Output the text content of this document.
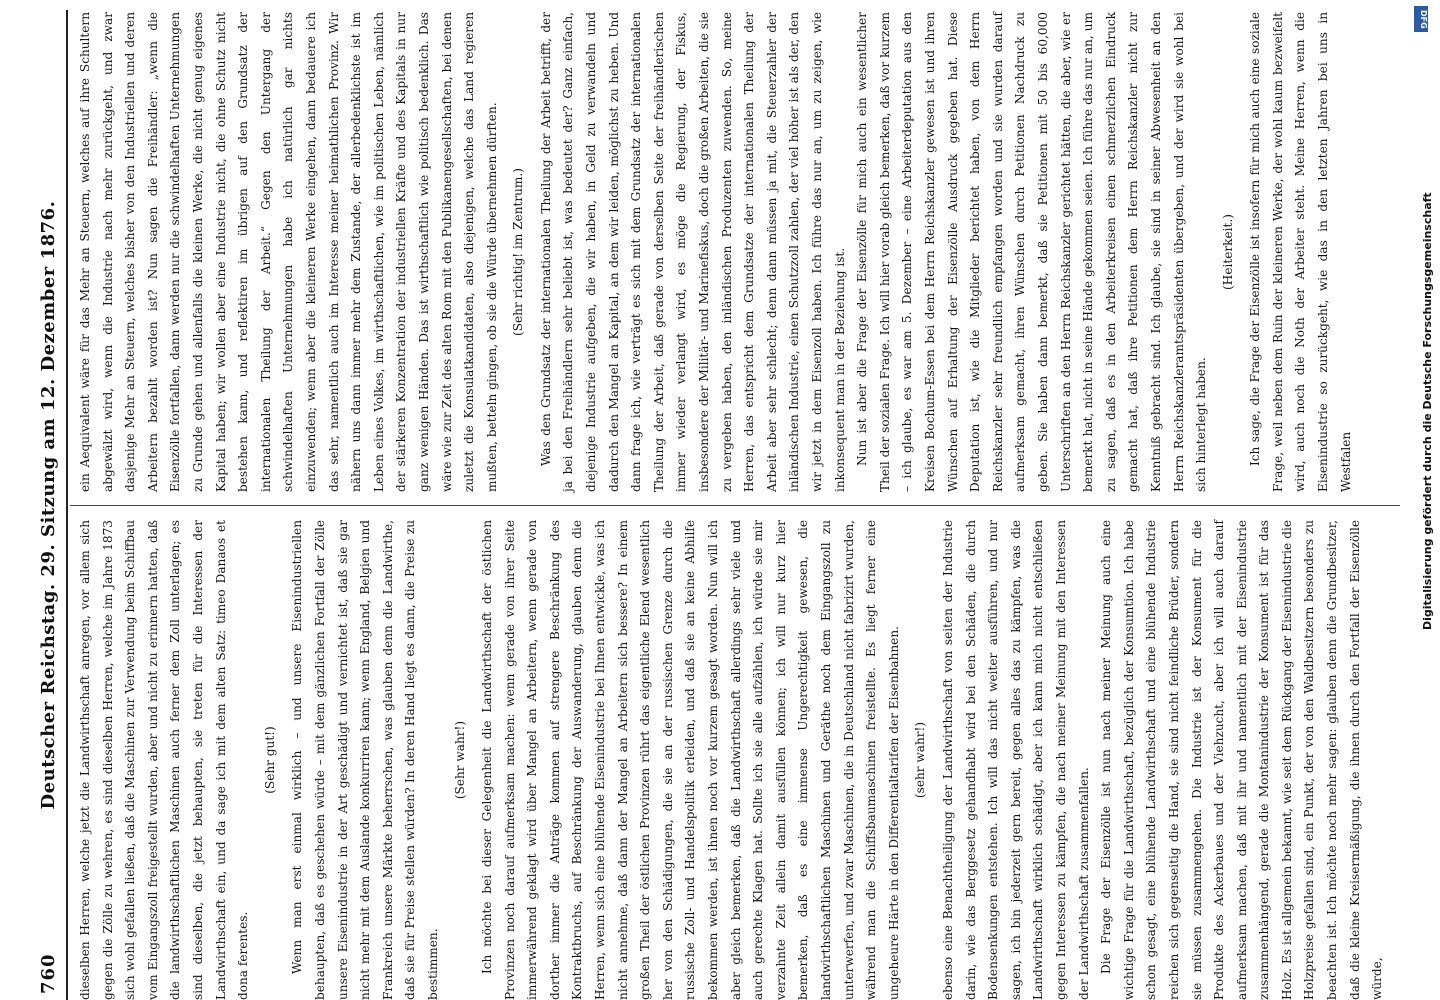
760
Deutscher Reichstag. 29. Sitzung am 12. Dezember 1876.	dieselben Herren, welche jetzt die Landwirthschaft anregen, vor allem sich gegen die Zölle zu wehren, es sind dieselben Herren, welche im Jahre 1873 sich wohl gefallen ließen, daß die Maschinen zur Verwendung beim Schiffbau vom Eingangszoll freigestellt wurden, aber und nicht zu erinnern hatten, daß die landwirthschaftlichen Maschinen auch ferner dem Zoll unterlagen; es sind dieselben, die jetzt behaupten, sie treten für die Interessen der Landwirthschaft ein, und da sage ich mit dem alten Satz: timeo Danaos et dona ferentes.

(Sehr gut!)	Wenn man erst einmal wirklich – und unsere Eisenindustriellen behaupten, daß es geschehen würde – mit dem gänzlichen Fortfall der Zölle unsere Eisenindustrie in der Art geschädigt und vernichtet ist, daß sie gar nicht mehr mit dem Auslande konkurriren kann; wenn England, Belgien und Frankreich unsere Märkte beherrschen, was glauben denn die Landwirthe, daß sie für Preise stellen würden? In deren Hand liegt es dann, die Preise zu bestimmen.

(Sehr wahr!)	Ich möchte bei dieser Gelegenheit die Landwirthschaft der östlichen Provinzen noch darauf aufmerksam machen: wenn gerade von ihrer Seite immerwährend geklagt wird über Mangel an Arbeitern, wenn gerade von dorther immer die Anträge kommen auf strengere Beschränkung des Kontraktbruchs, auf Beschränkung der Auswanderung, glauben denn die Herren, wenn sich eine blühende Eisenindustrie bei Ihnen entwickle, was ich nicht annehme, daß dann der Mangel an Arbeitern sich bessere? In einem großen Theil der östlichen Provinzen rührt das eigentliche Elend wesentlich her von den Schädigungen, die sie an der russischen Grenze durch die russische Zoll- und Handelspolitik erleiden, und daß sie an keine Abhilfe bekommen werden, ist ihnen noch vor kurzem gesagt worden. Nun will ich aber gleich bemerken, daß die Landwirthschaft allerdings sehr viele und auch gerechte Klagen hat. Sollte ich sie alle aufzählen, ich würde sie mir verzahnte Zeit allein damit ausfüllen können; ich will nur kurz hier bemerken, daß es eine immense Ungerechtigkeit gewesen, die landwirthschaftlichen Maschinen und Geräthe noch dem Eingangszoll zu unterwerfen, und zwar Maschinen, die in Deutschland nicht fabrizirt wurden, während man die Schiffsbaumaschinen freistellte. Es liegt ferner eine ungeheure Härte in den Differentialtarifen der Eisenbahnen.	(sehr wahr!)	ebenso eine Benachtheiligung der Landwirthschaft von seiten der Industrie darin, wie das Berggesetz gehandhabt wird bei den Schäden, die durch Bodensenkungen entstehen. Ich will das nicht weiter ausführen, und nur sagen, ich bin jederzeit gern bereit, gegen alles das zu kämpfen, was die Landwirthschaft wirklich schädigt, aber ich kann mich nicht entschließen gegen Interessen zu kämpfen, die nach meiner Meinung mit den Interessen der Landwirthschaft zusammenfallen. Die Frage der Eisenzölle ist nun nach meiner Meinung auch eine wichtige Frage für die Landwirthschaft, bezüglich der Konsumtion. Ich habe schon gesagt, eine blühende Landwirthschaft und eine blühende Industrie reichen sich gegenseitig die Hand, sie sind nicht feindliche Brüder, sondern sie müssen zusammengehen. Die Industrie ist der Konsument für die Produkte des Ackerbaues und der Viehzucht, aber ich will auch darauf aufmerksam machen, daß mit ihr und namentlich mit der Eisenindustrie zusammenhängend, gerade die Montanindustrie der Konsument ist für das Holz. Es ist allgemein bekannt, wie seit dem Rückgang der Eisenindustrie die Holzpreise gefallen sind, ein Punkt, der von den Waldbesitzern besonders zu beachten ist. Ich möchte noch mehr sagen: glauben denn die Grundbesitzer, daß die kleine Kreisermäßigung, die ihnen durch den Fortfall der Eisenzölle würde,

ein Aequivalent wäre für das Mehr an Steuern, welches auf ihre Schultern abgewälzt wird, wenn die Industrie nach mehr zurückgeht, und zwar dasjenige Mehr an Steuern, welches bisher von den Industriellen und deren Arbeitern bezahlt worden ist? Nun sagen die Freihändler: „wenn die Eisenzölle fortfallen, dann werden nur die schwindelhaften Unternehmungen zu Grunde gehen und allenfalls die kleinen Werke, die nicht genug eigenes Kapital haben; wir wollen aber eine Industrie nicht, die ohne Schutz nicht bestehen kann, und reflektiren im übrigen auf den Grundsatz der internationalen Theilung der Arbeit.“ Gegen den Untergang der schwindelhaften Unternehmungen habe ich natürlich gar nichts einzuwenden; wenn aber die kleineren Werke eingehen, dann bedauere ich das sehr, namentlich auch im Interesse meiner heimathlichen Provinz. Wir nähern uns dann immer mehr dem Zustande, der allerbedenklichste ist im Leben eines Volkes, im wirthschaftlichen, wie im politischen Leben, nämlich der stärkeren Konzentration der industriellen Kräfte und des Kapitals in nur ganz wenigen Händen. Das ist wirthschaftlich wie politisch bedenklich. Das wäre wie zur Zeit des alten Rom mit den Publikanengesellschaften, bei denen zuletzt die Konsulatkandidaten, also diejenigen, welche das Land regieren mußten, betteln gingen, ob sie die Würde übernehmen dürften.	(Sehr richtig! im Zentrum.)	Was den Grundsatz der internationalen Theilung der Arbeit betrifft, der ja bei den Freihändlern sehr beliebt ist, was bedeutet der? Ganz einfach, diejenige Industrie aufgeben, die wir haben, in Geld zu verwandeln und dadurch den Mangel an Kapital, an dem wir leiden, möglichst zu heben. Und dann frage ich, wie verträgt es sich mit dem Grundsatz der internationalen Theilung der Arbeit, daß gerade von derselben Seite der freihändlerischen immer wieder verlangt wird, es möge die Regierung, der Fiskus, insbesondere der Militär- und Marinefiskus, doch die großen Arbeiten, die sie zu vergeben haben, den inländischen Produzenten zuwenden. So, meine Herren, das entspricht dem Grundsatze der internationalen Theilung der Arbeit aber sehr schlecht; denn dann müssen ja mit, die Steuerzahler der inländischen Industrie, einen Schutzzoll zahlen, der viel höher ist als der, den wir jetzt in dem Eisenzoll haben. Ich führe das nur an, um zu zeigen, wie inkonsequent man in der Beziehung ist. Nun ist aber die Frage der Eisenzölle für mich auch ein wesentlicher Theil der sozialen Frage. Ich will hier vorab gleich bemerken, daß vor kurzem – ich glaube, es war am 5. Dezember – eine Arbeiterdeputation aus den Kreisen Bochum-Essen bei dem Herrn Reichskanzler gewesen ist und ihren Wünschen auf Erhaltung der Eisenzölle Ausdruck gegeben hat. Diese Deputation ist, wie die Mitglieder berichtet haben, von dem Herrn Reichskanzler sehr freundlich empfangen worden und sie wurden darauf aufmerksam gemacht, ihren Wünschen durch Petitionen Nachdruck zu geben. Sie haben dann bemerkt, daß sie Petitionen mit 50 bis 60,000 Unterschriften an den Herrn Reichskanzler gerichtet hätten, die aber, wie er bemerkt hat, nicht in seine Hände gekommen seien. Ich führe das nur an, um zu sagen, daß es in den Arbeiterkreisen einen schmerzlichen Eindruck gemacht hat, daß ihre Petitionen dem Herrn Reichskanzler nicht zur Kenntniß gebracht sind. Ich glaube, sie sind in seiner Abwesenheit an den Herrn Reichskanzleramtspräsidenten übergeben, und der wird sie wohl bei sich hinterlegt haben.

(Heiterkeit.)	Ich sage, die Frage der Eisenzölle ist insofern für mich auch eine soziale Frage, weil neben dem Ruin der kleineren Werke, der wohl kaum bezweifelt wird, auch noch die Noth der Arbeiter steht. Meine Herren, wenn die Eisenindustrie so zurückgeht, wie das in den letzten Jahren bei uns in Westfalen

DFG
Digitalisierung gefördert durch die Deutsche Forschungsgemeinschaft
